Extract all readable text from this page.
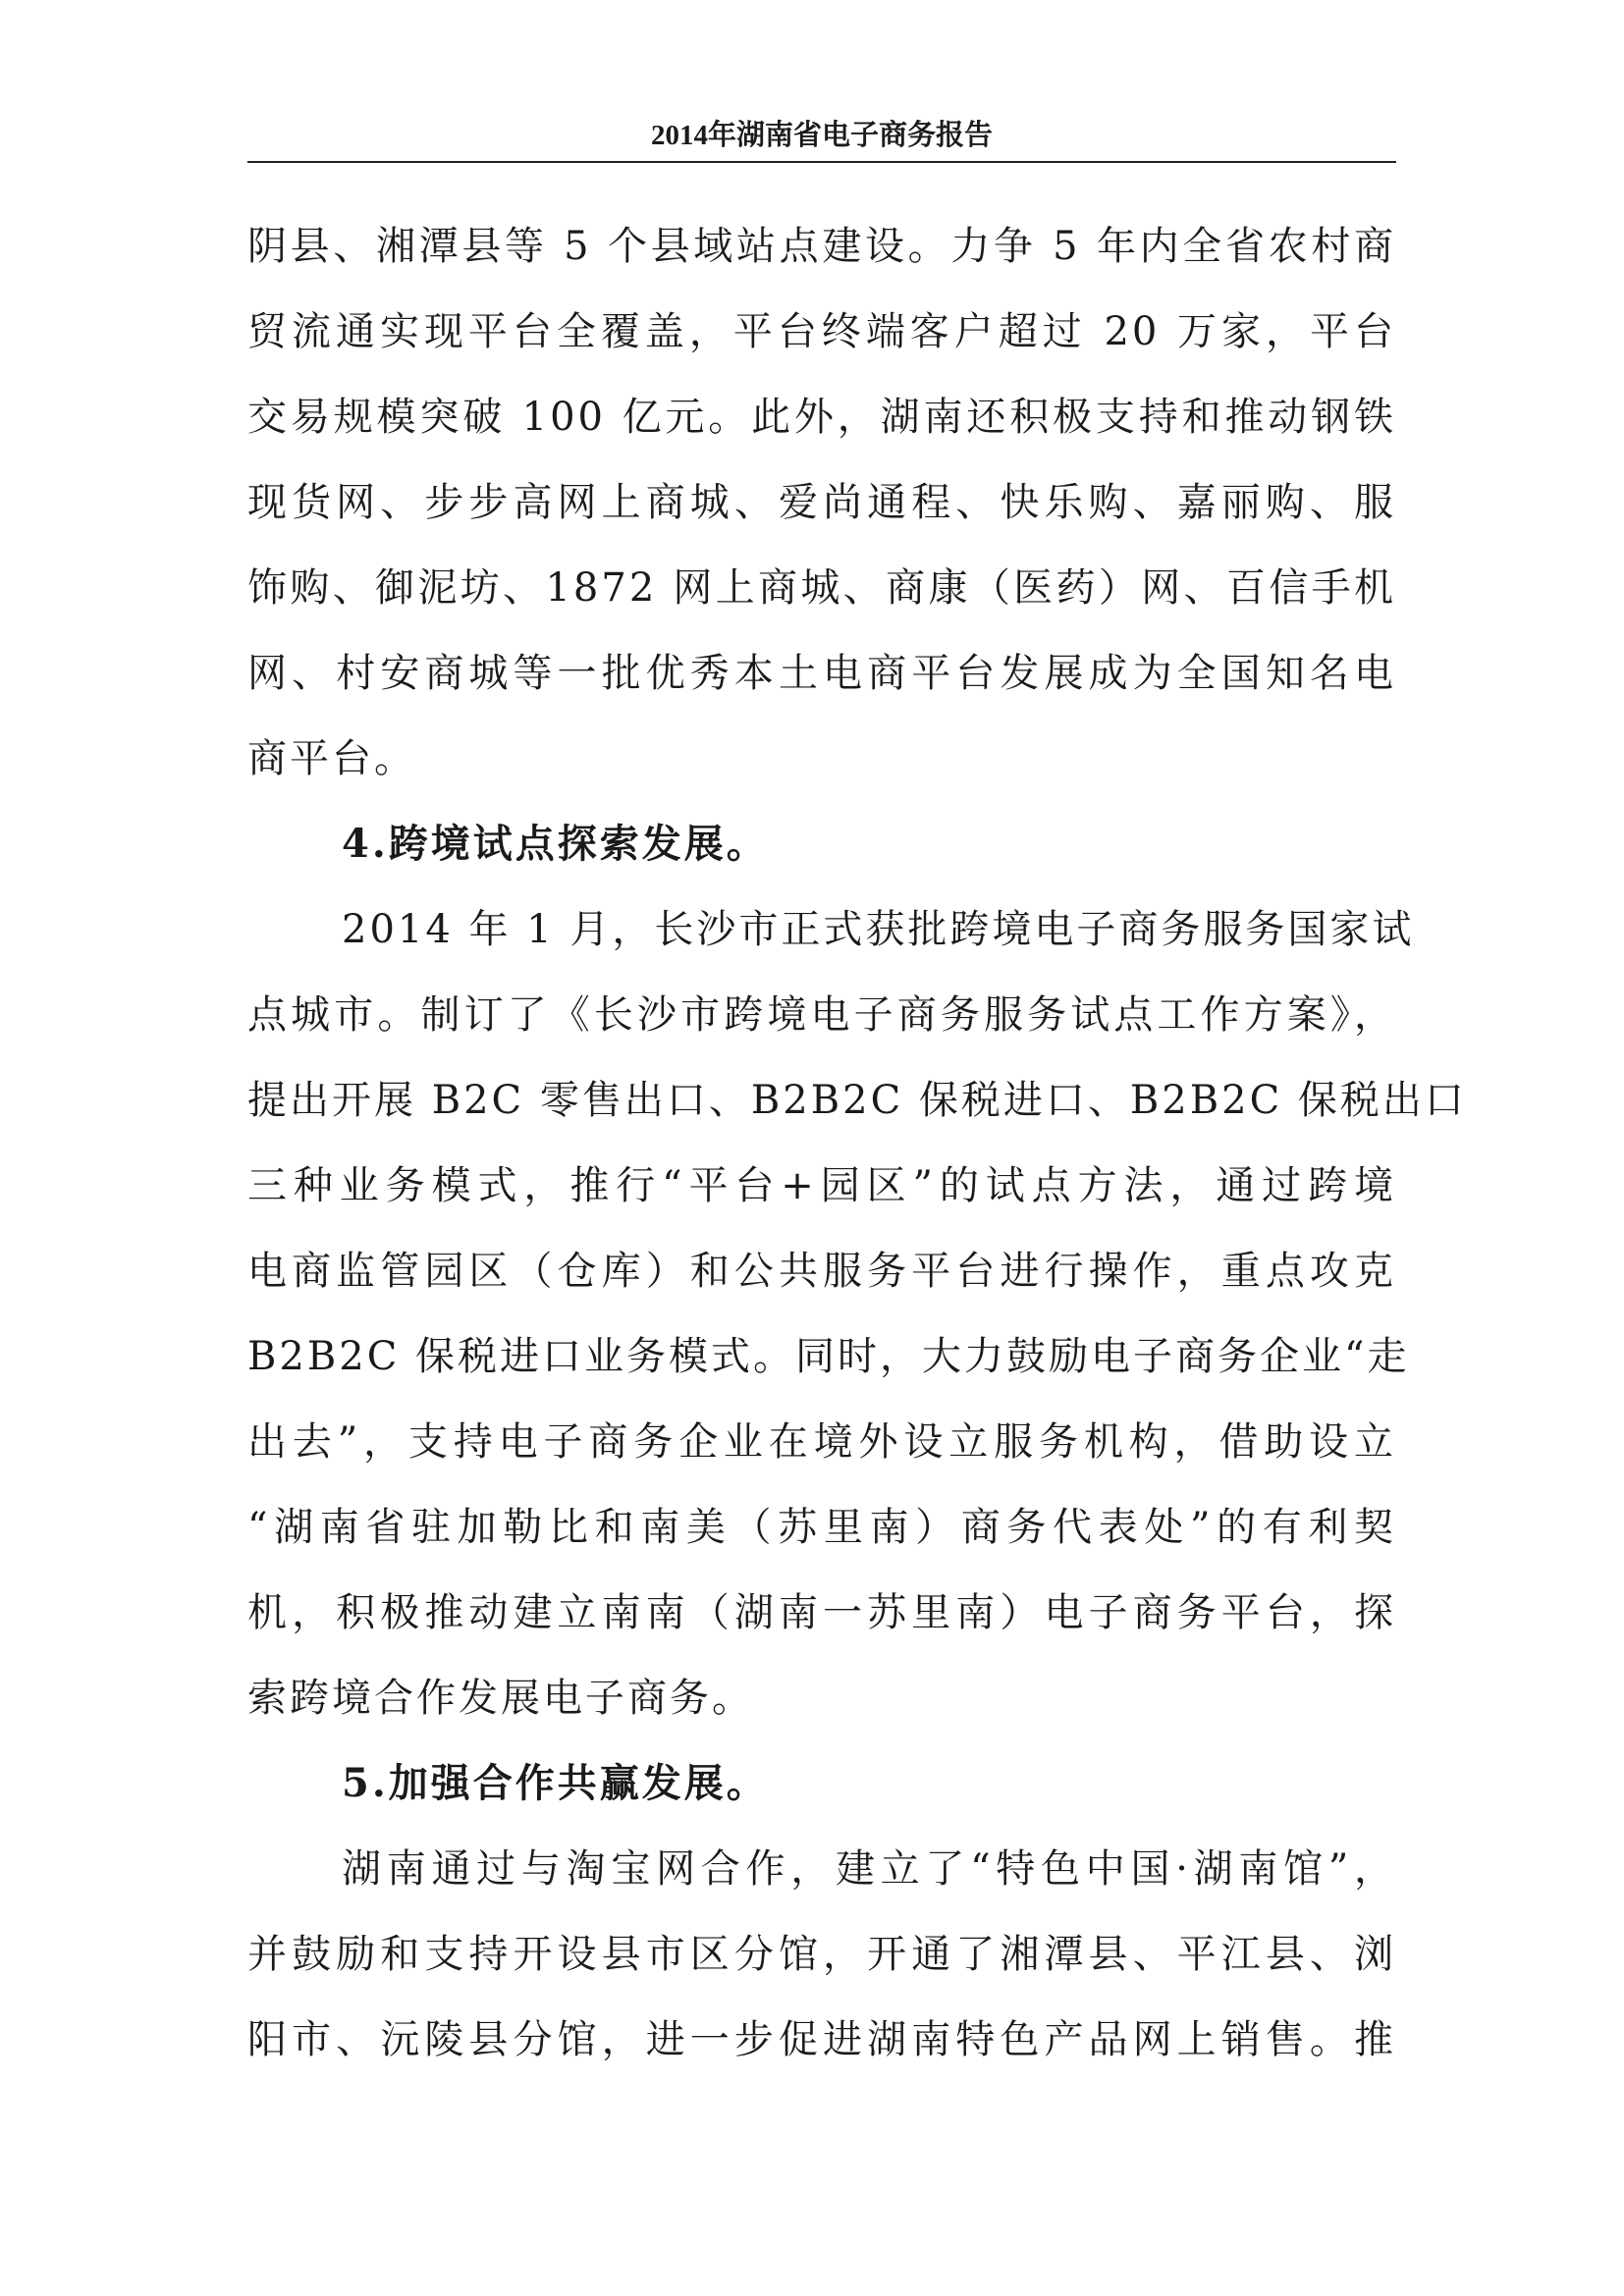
2014年湖南省电子商务报告
阴县、湘潭县等 5 个县域站点建设。力争 5 年内全省农村商
贸流通实现平台全覆盖，平台终端客户超过 20 万家，平台
交易规模突破 100 亿元。此外，湖南还积极支持和推动钢铁
现货网、步步高网上商城、爱尚通程、快乐购、嘉丽购、服
饰购、御泥坊、1872 网上商城、商康（医药）网、百信手机
网、村安商城等一批优秀本土电商平台发展成为全国知名电
商平台。
4.跨境试点探索发展。
2014 年 1 月，长沙市正式获批跨境电子商务服务国家试
点城市。制订了《长沙市跨境电子商务服务试点工作方案》，
提出开展 B2C 零售出口、B2B2C 保税进口、B2B2C 保税出口
三种业务模式，推行“平台+园区”的试点方法，通过跨境
电商监管园区（仓库）和公共服务平台进行操作，重点攻克
B2B2C 保税进口业务模式。同时，大力鼓励电子商务企业“走
出去”，支持电子商务企业在境外设立服务机构，借助设立
“湖南省驻加勒比和南美（苏里南）商务代表处”的有利契
机，积极推动建立南南（湖南一苏里南）电子商务平台，探
索跨境合作发展电子商务。
5.加强合作共赢发展。
湖南通过与淘宝网合作，建立了“特色中国·湖南馆”，
并鼓励和支持开设县市区分馆，开通了湘潭县、平江县、浏
阳市、沅陵县分馆，进一步促进湖南特色产品网上销售。推
